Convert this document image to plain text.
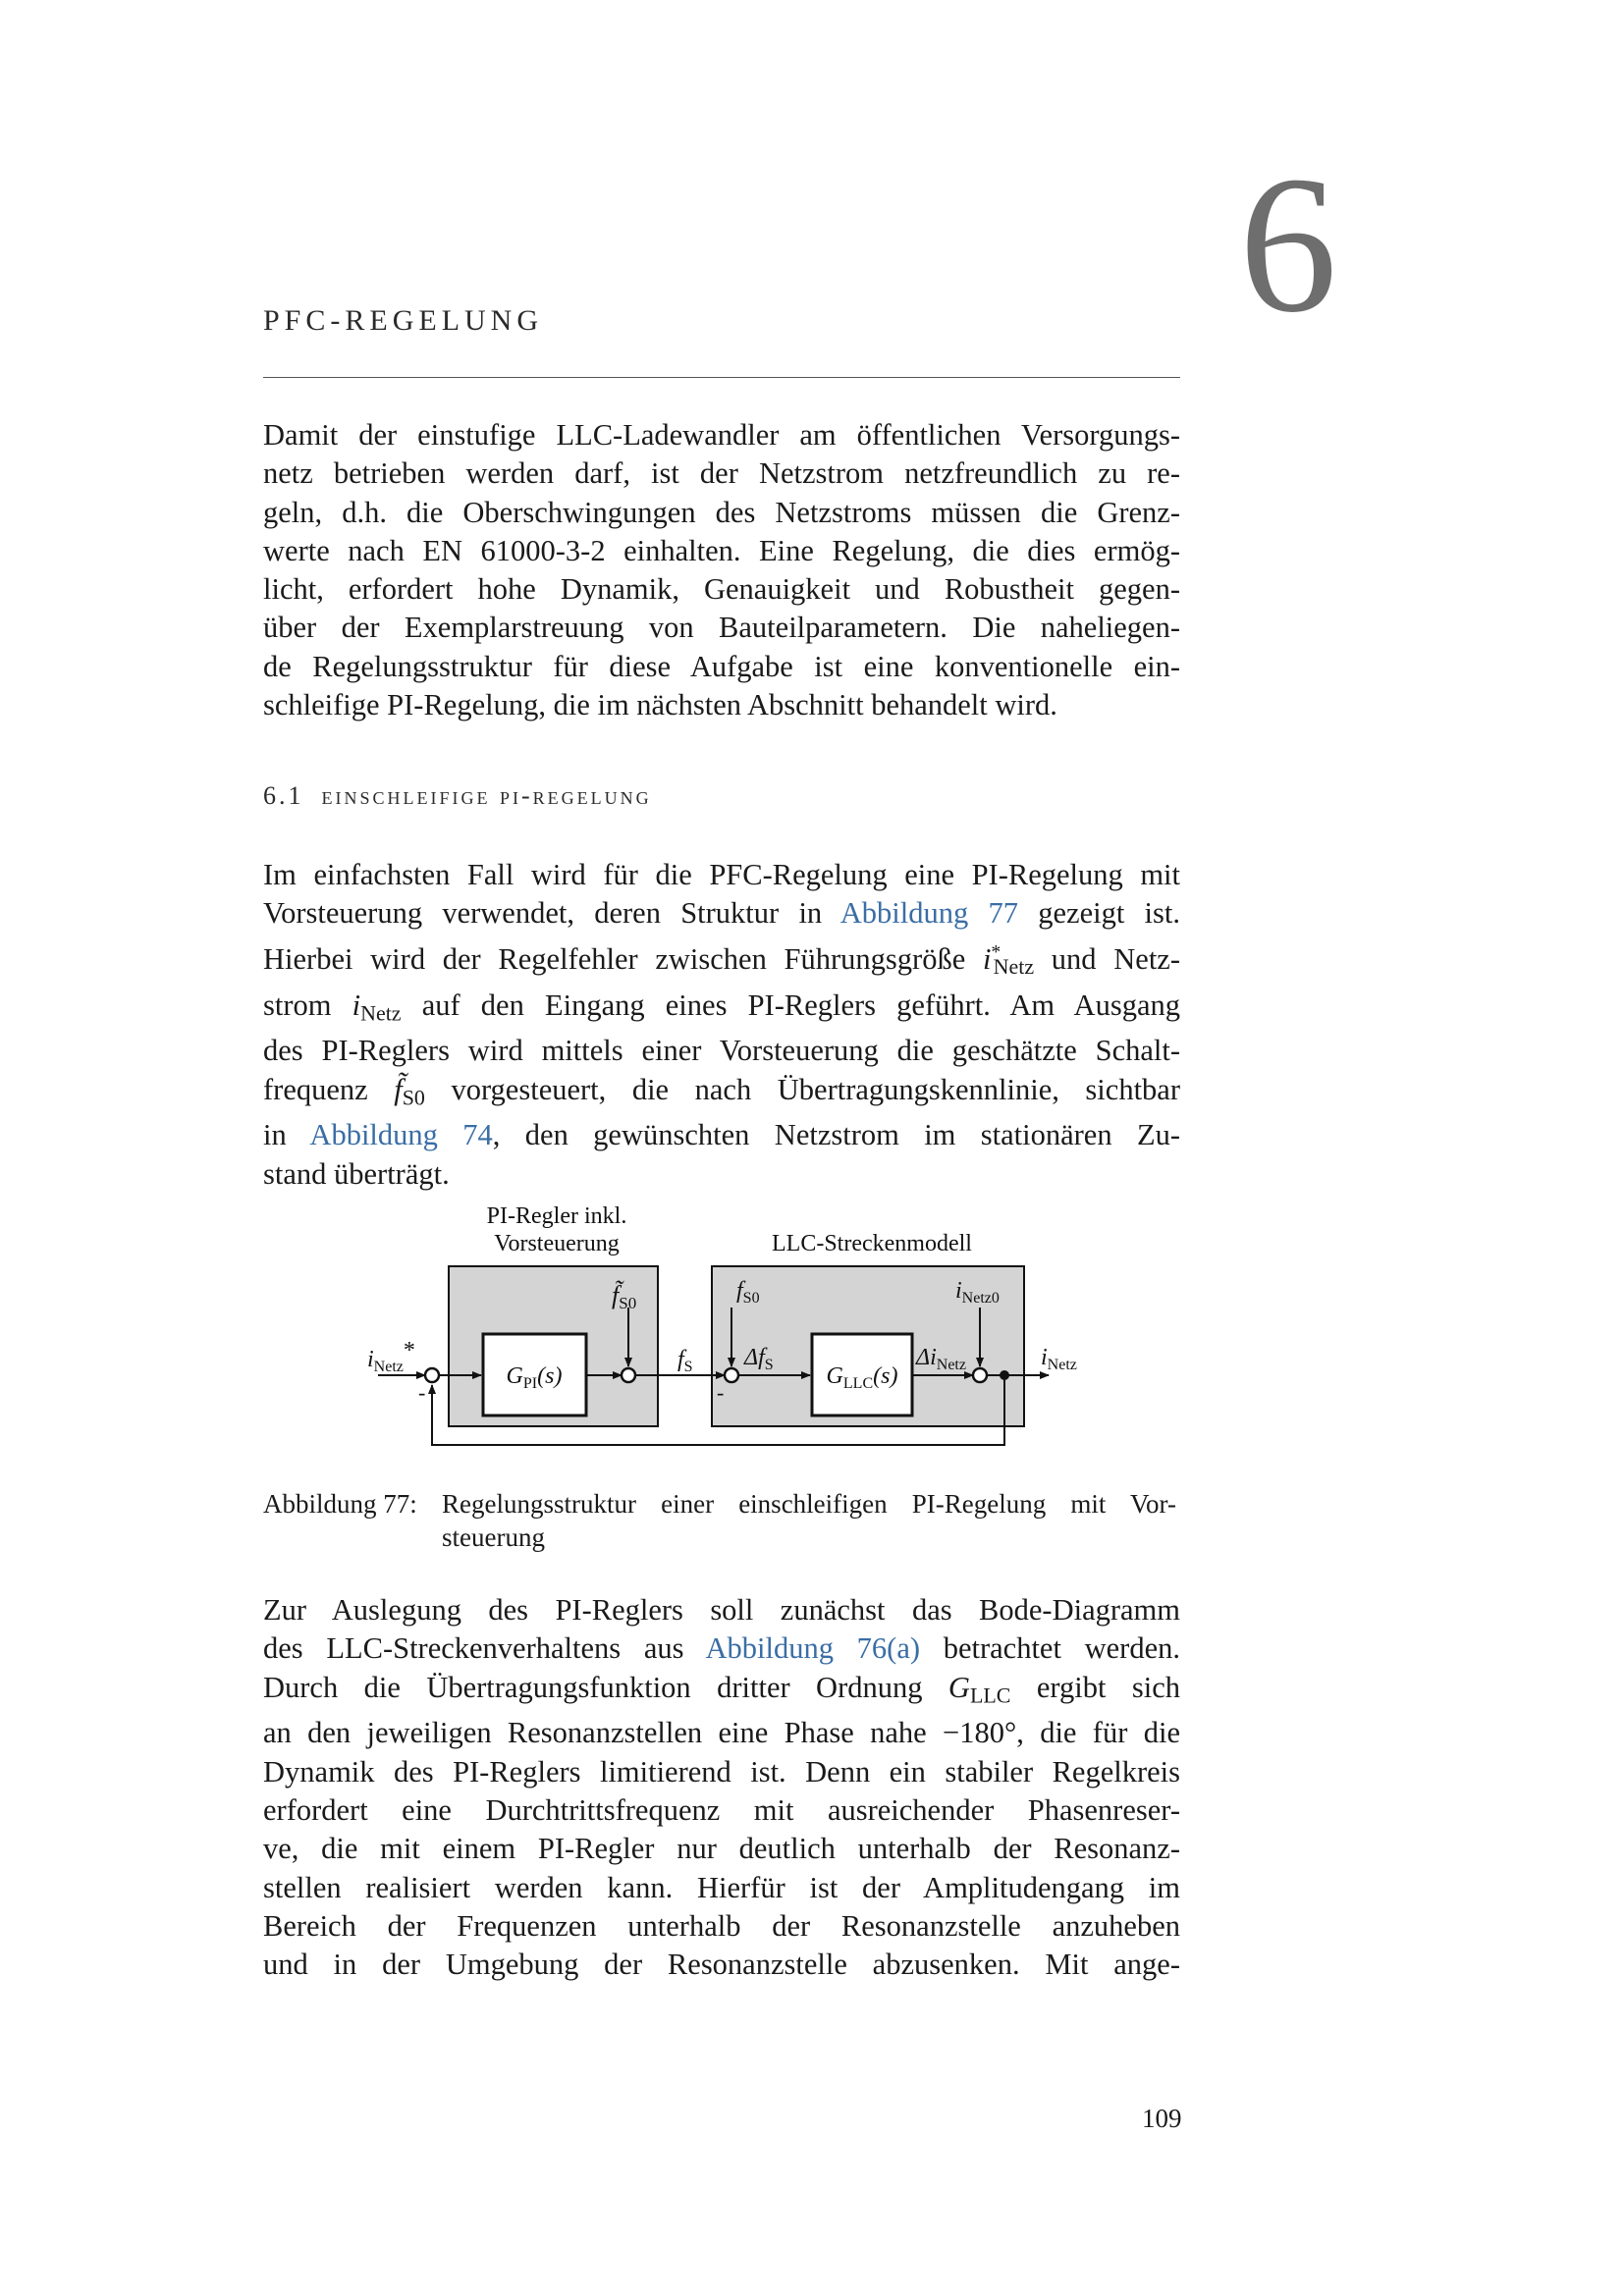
6
PFC-REGELUNG
Damit der einstufige LLC-Ladewandler am öffentlichen Versorgungs-
netz betrieben werden darf, ist der Netzstrom netzfreundlich zu re-
geln, d.h. die Oberschwingungen des Netzstroms müssen die Grenz-
werte nach EN 61000-3-2 einhalten. Eine Regelung, die dies ermög-
licht, erfordert hohe Dynamik, Genauigkeit und Robustheit gegen-
über der Exemplarstreuung von Bauteilparametern. Die naheliegen-
de Regelungsstruktur für diese Aufgabe ist eine konventionelle ein-
schleifige PI-Regelung, die im nächsten Abschnitt behandelt wird.
6.1 einschleifige pi-regelung
Im einfachsten Fall wird für die PFC-Regelung eine PI-Regelung mit
Vorsteuerung verwendet, deren Struktur in Abbildung 77 gezeigt ist.
Hierbei wird der Regelfehler zwischen Führungsgröße $i^*_{Netz}$ und Netz-
strom $i_{Netz}$ auf den Eingang eines PI-Reglers geführt. Am Ausgang
des PI-Reglers wird mittels einer Vorsteuerung die geschätzte Schalt-
frequenz $f̃_{S0}$ vorgesteuert, die nach Übertragungskennlinie, sichtbar
in Abbildung 74, den gewünschten Netzstrom im stationären Zu-
stand überträgt.
PI-Regler inkl.
Vorsteuerung	LLC-Streckenmodell
$G_{PI}(s)$	$G_{LLC}(s)$
-	-
$i_{Netz}*$
f̃S0
$f_S$
$f_{S0}$
$\Delta f_S$
$i_{Netz0}$
$\Delta i_{Netz}$	$i_{Netz}$
Abbildung 77: Regelungsstruktur einer einschleifigen PI-Regelung mit Vor-
steuerung
Zur Auslegung des PI-Reglers soll zunächst das Bode-Diagramm
des LLC-Streckenverhaltens aus Abbildung 76(a) betrachtet werden.
Durch die Übertragungsfunktion dritter Ordnung $G_{LLC}$ ergibt sich
an den jeweiligen Resonanzstellen eine Phase nahe −180°, die für die
Dynamik des PI-Reglers limitierend ist. Denn ein stabiler Regelkreis
erfordert eine Durchtrittsfrequenz mit ausreichender Phasenreser-
ve, die mit einem PI-Regler nur deutlich unterhalb der Resonanz-
stellen realisiert werden kann. Hierfür ist der Amplitudengang im
Bereich der Frequenzen unterhalb der Resonanzstelle anzuheben
und in der Umgebung der Resonanzstelle abzusenken. Mit ange-
109
